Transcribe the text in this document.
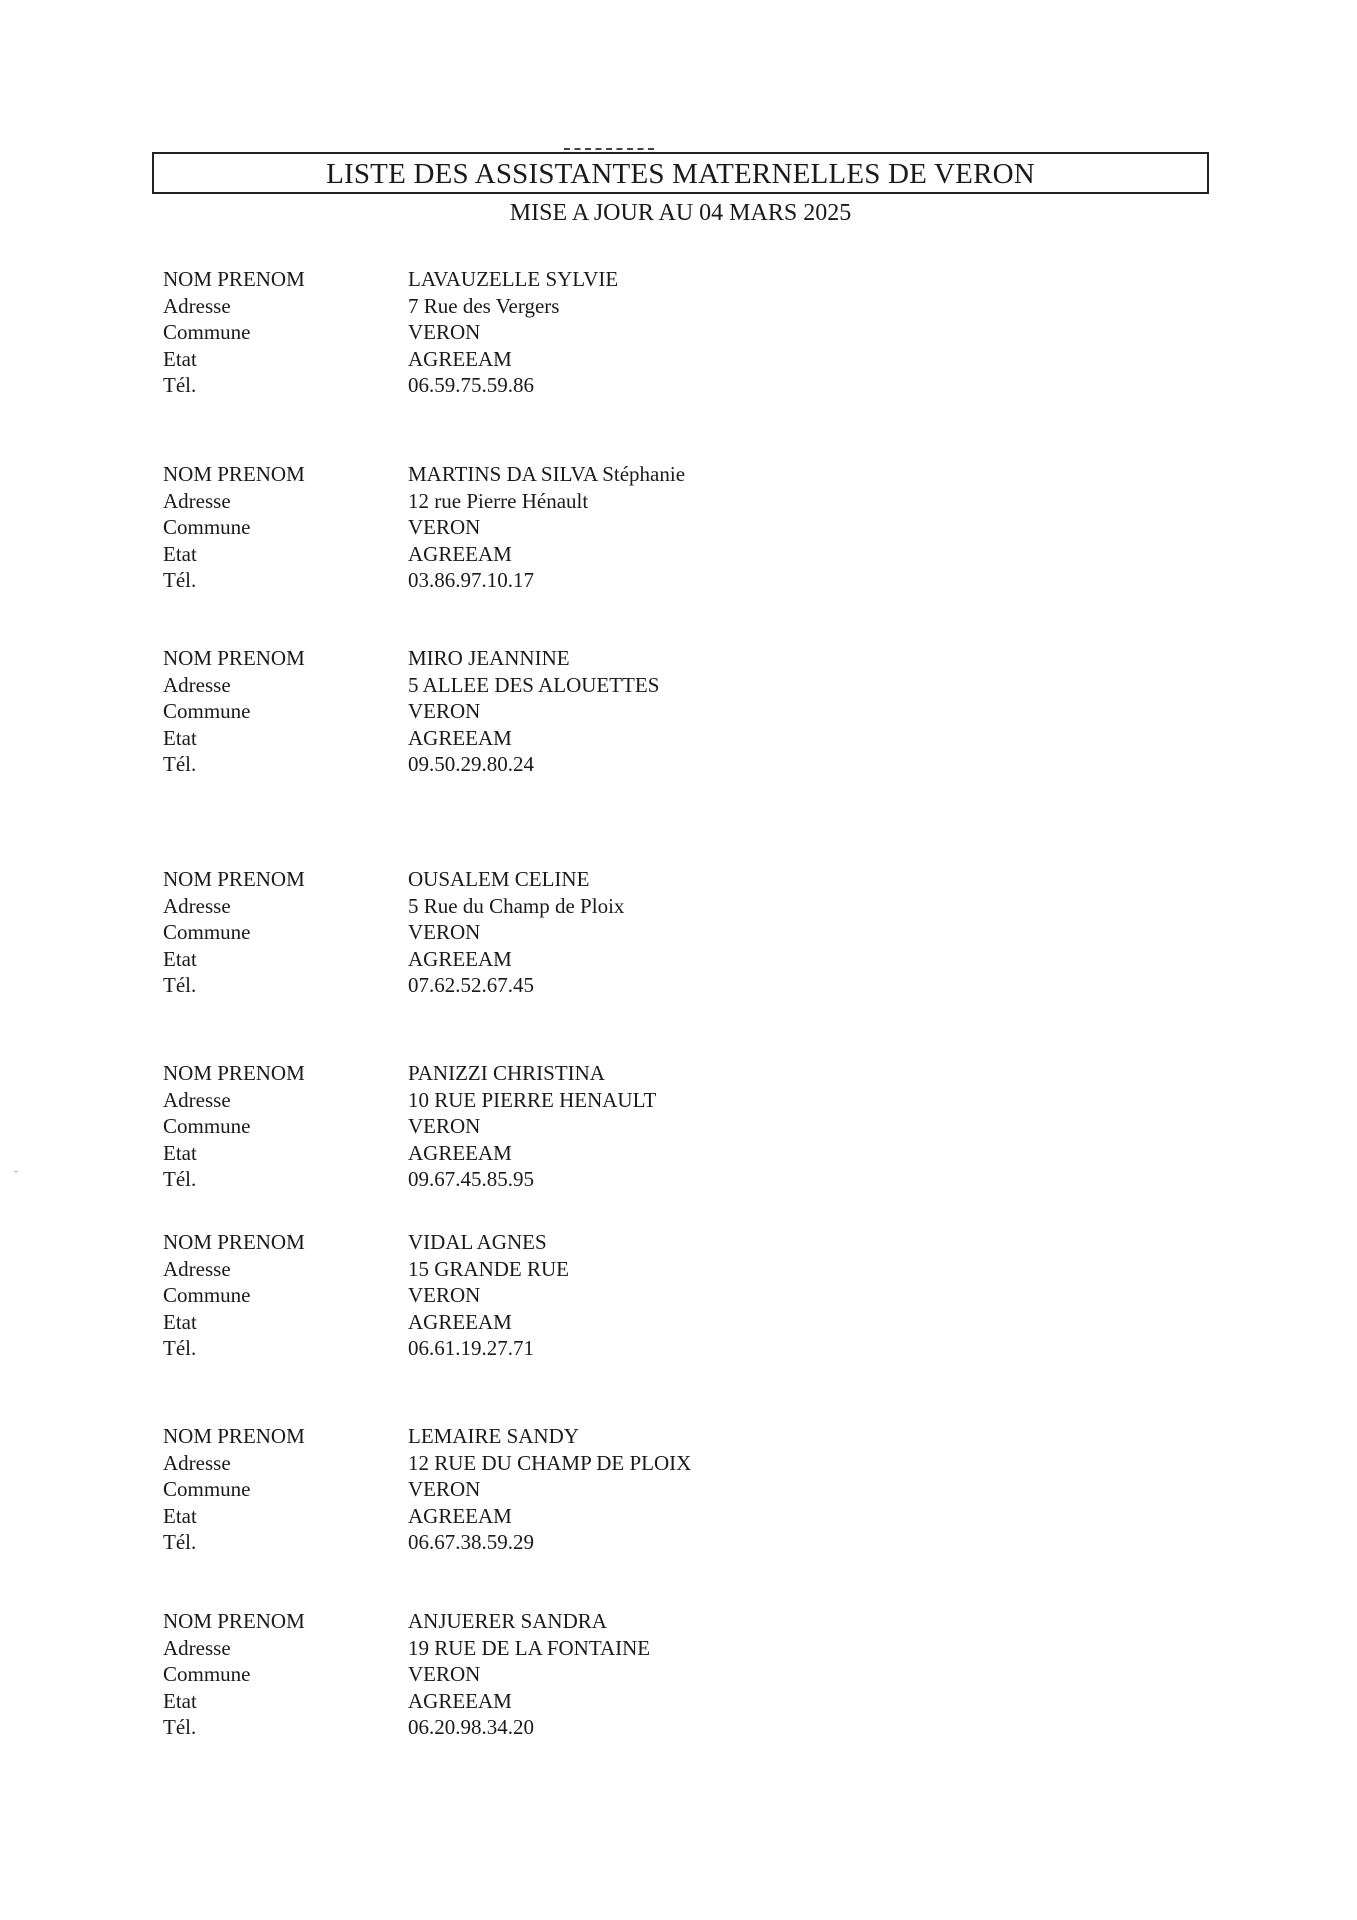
LISTE DES ASSISTANTES MATERNELLES DE VERON
MISE A JOUR AU 04 MARS 2025
NOM PRENOM	LAVAUZELLE SYLVIE
Adresse	7 Rue des Vergers
Commune	VERON
Etat	AGREEAM
Tél.	06.59.75.59.86
NOM PRENOM	MARTINS DA SILVA Stéphanie
Adresse	12 rue Pierre Hénault
Commune	VERON
Etat	AGREEAM
Tél.	03.86.97.10.17
NOM PRENOM	MIRO JEANNINE
Adresse	5 ALLEE DES ALOUETTES
Commune	VERON
Etat	AGREEAM
Tél.	09.50.29.80.24
NOM PRENOM	OUSALEM CELINE
Adresse	5 Rue du Champ de Ploix
Commune	VERON
Etat	AGREEAM
Tél.	07.62.52.67.45
NOM PRENOM	PANIZZI CHRISTINA
Adresse	10 RUE PIERRE HENAULT
Commune	VERON
Etat	AGREEAM
Tél.	09.67.45.85.95
NOM PRENOM	VIDAL AGNES
Adresse	15 GRANDE RUE
Commune	VERON
Etat	AGREEAM
Tél.	06.61.19.27.71
NOM PRENOM	LEMAIRE SANDY
Adresse	12 RUE DU CHAMP DE PLOIX
Commune	VERON
Etat	AGREEAM
Tél.	06.67.38.59.29
NOM PRENOM	ANJUERER SANDRA
Adresse	19 RUE DE LA FONTAINE
Commune	VERON
Etat	AGREEAM
Tél.	06.20.98.34.20
